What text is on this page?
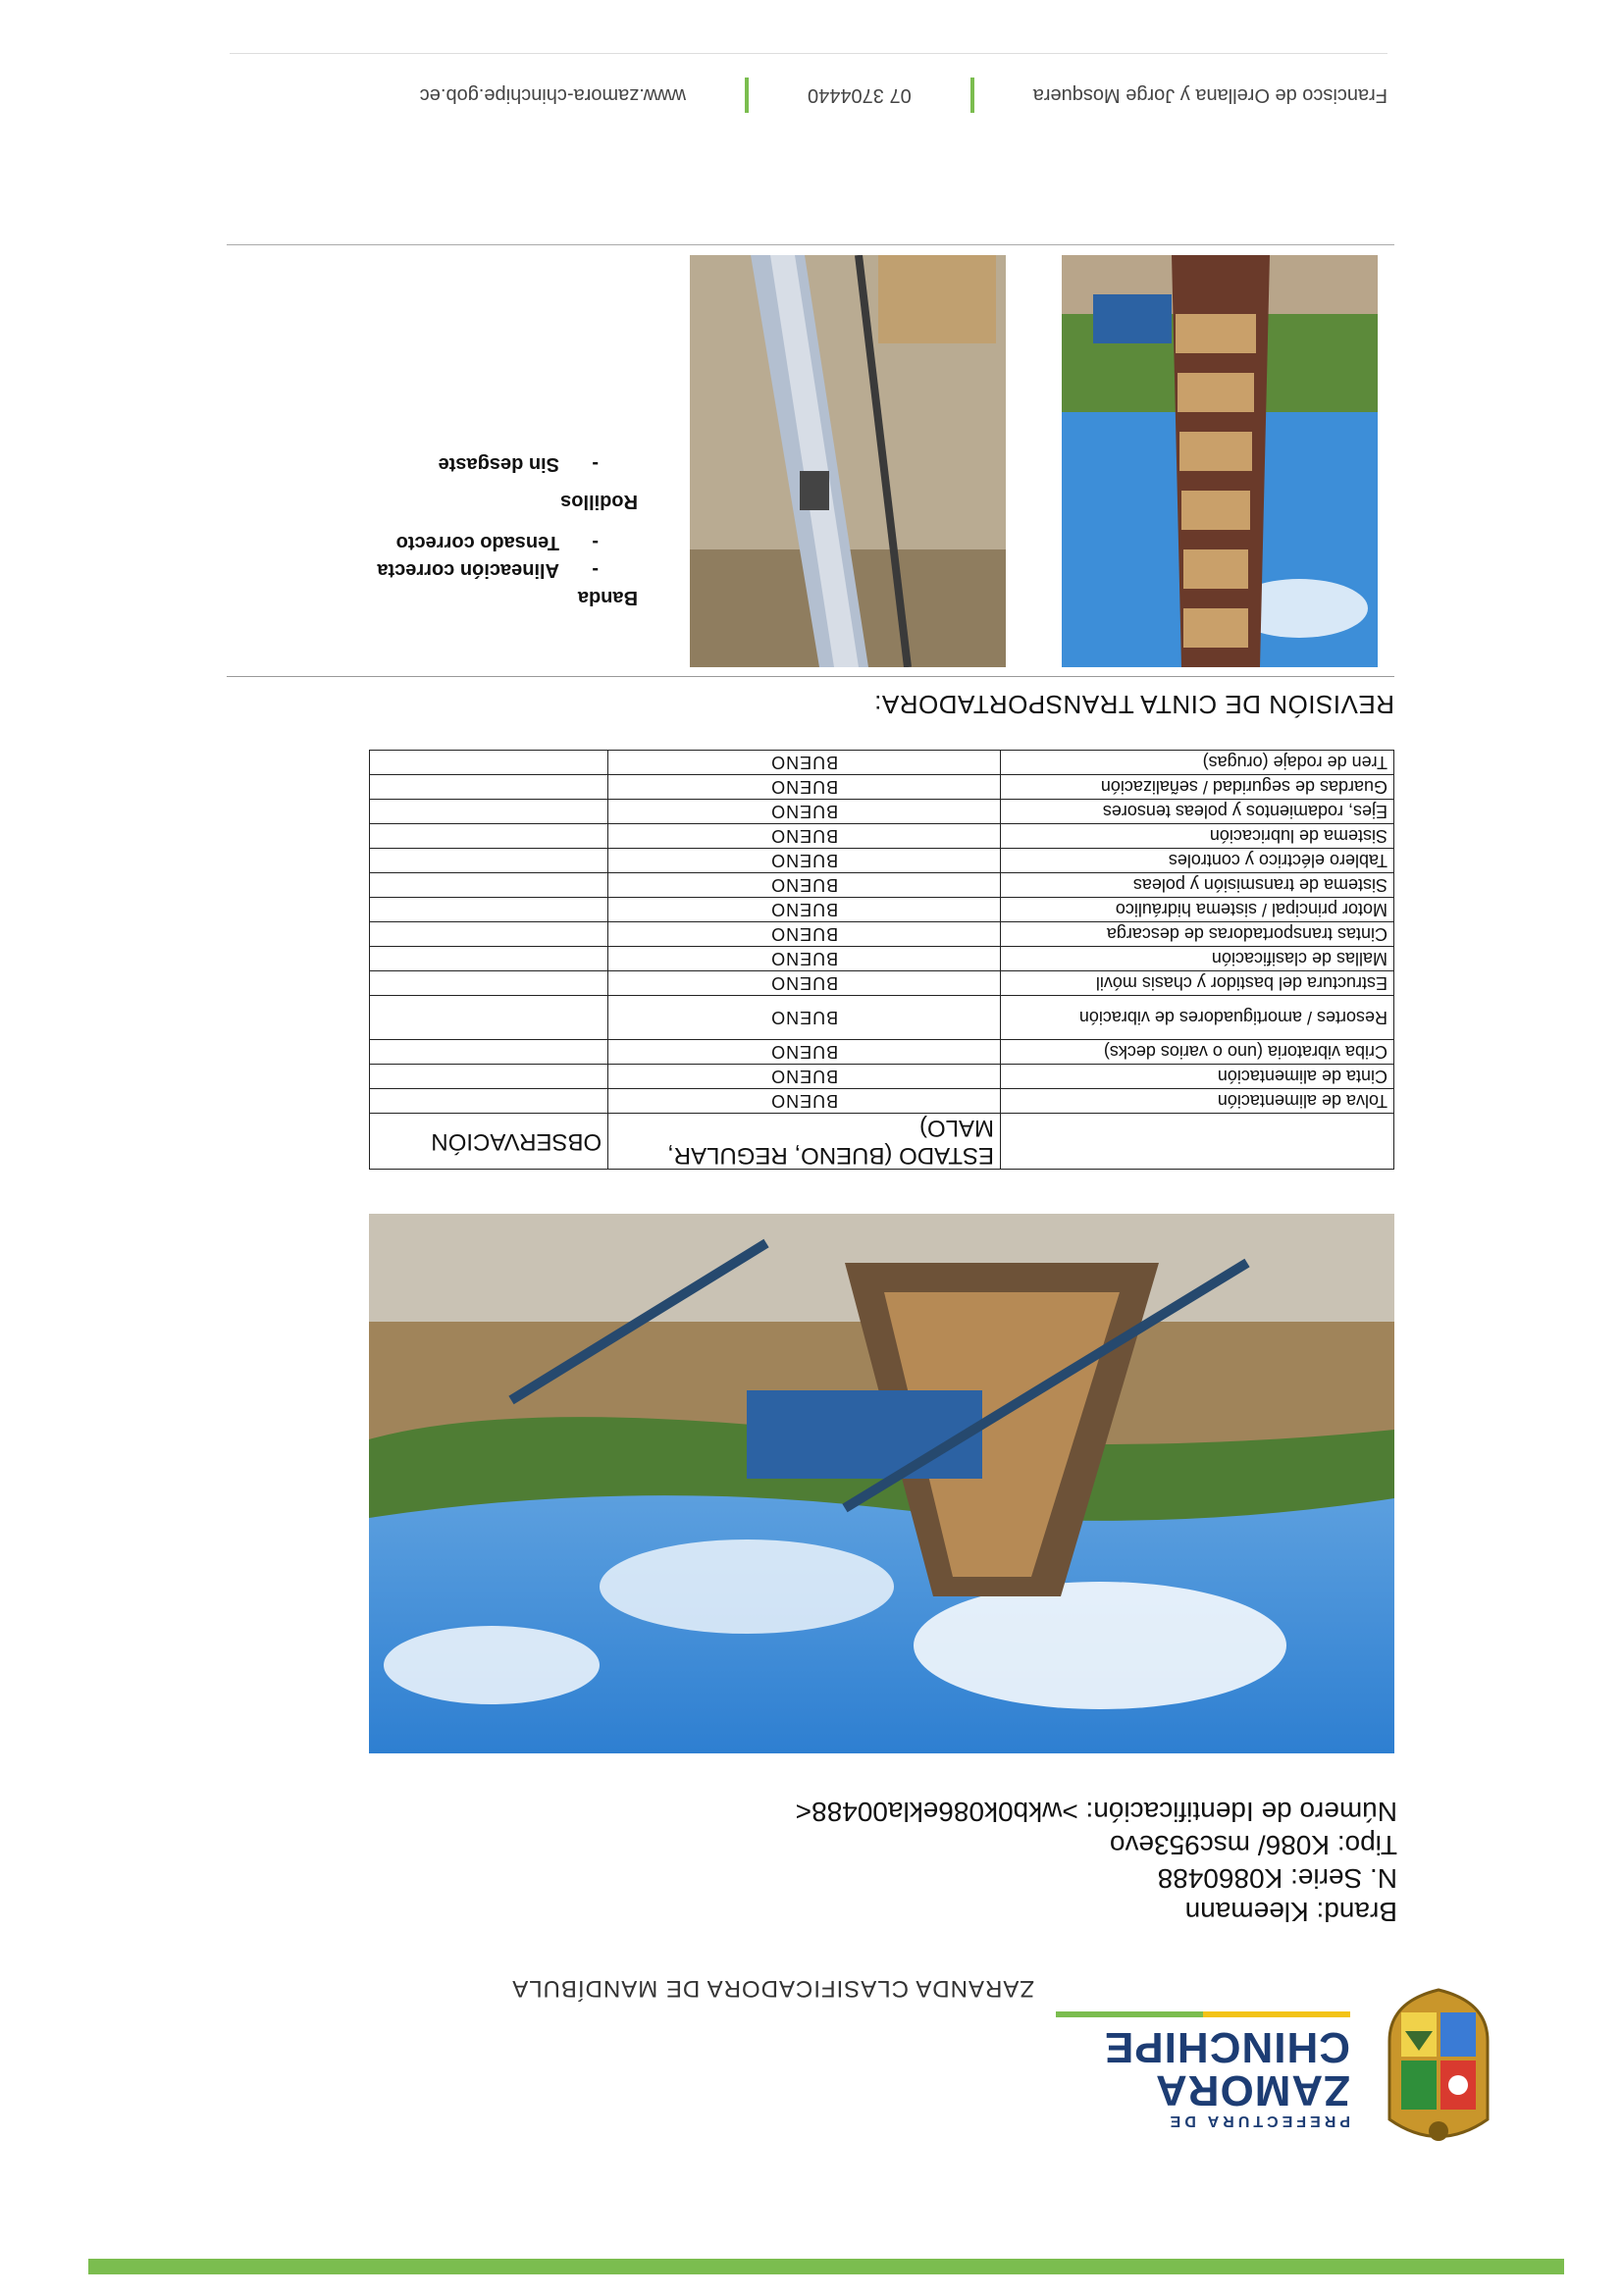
PREFECTURA DE
ZAMORA
CHINCHIPE
ZARANDA CLASIFICADORA DE MANDÍBULA
Brand: Kleemann
N. Serie: K0860488
Tipo: K086/ msc953evo
Número de Identificación: >wkb0k086ekla00488<
	ESTADO (BUENO, REGULAR, MALO)	OBSERVACIÓN
Tolva de alimentación	BUENO	
Cinta de alimentación	BUENO	
Criba vibratoria (uno o varios decks)	BUENO	
Resortes / amortiguadores de vibración	BUENO	
Estructura del bastidor y chasis móvil	BUENO	
Mallas de clasificación	BUENO	
Cintas transportadoras de descarga	BUENO	
Motor principal / sistema hidráulico	BUENO	
Sistema de transmisión y poleas	BUENO	
Tablero eléctrico y controles	BUENO	
Sistema de lubricación	BUENO	
Ejes, rodamientos y poleas tensores	BUENO	
Guardas de seguridad / señalización	BUENO	
Tren de rodaje (orugas)	BUENO	
REVISIÓN DE CINTA TRANSPORTADORA:
Banda
-Alineación correcta
-Tensado correcto
Rodillos
-Sin desgaste
Francisco de Orellana y Jorge Mosquera
07 3704440
www.zamora-chinchipe.gob.ec
